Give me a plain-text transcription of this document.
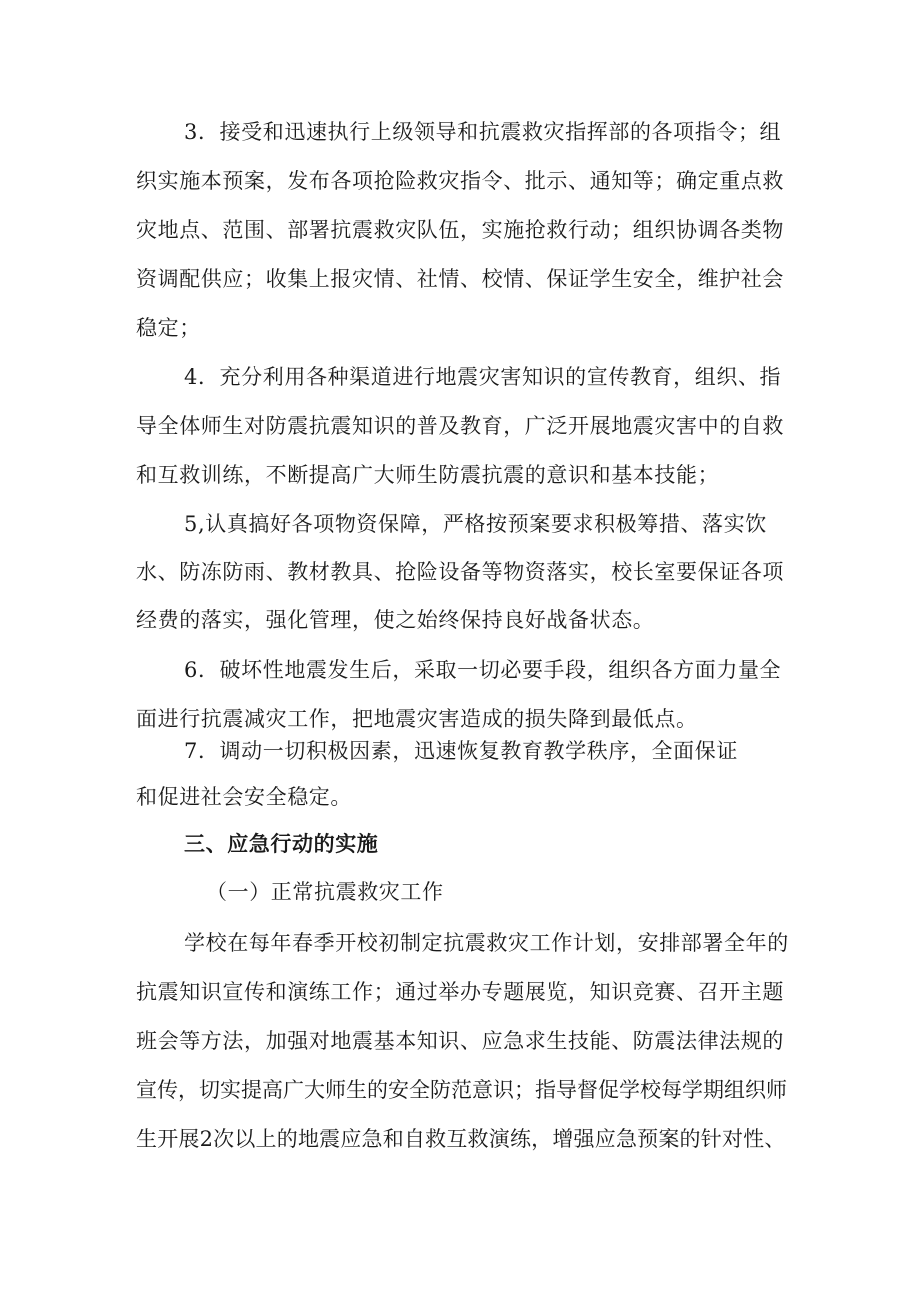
3．接受和迅速执行上级领导和抗震救灾指挥部的各项指令；组
织实施本预案，发布各项抢险救灾指令、批示、通知等；确定重点救
灾地点、范围、部署抗震救灾队伍，实施抢救行动；组织协调各类物
资调配供应；收集上报灾情、社情、校情、保证学生安全，维护社会
稳定；
4．充分利用各种渠道进行地震灾害知识的宣传教育，组织、指
导全体师生对防震抗震知识的普及教育，广泛开展地震灾害中的自救
和互救训练，不断提高广大师生防震抗震的意识和基本技能；
5,认真搞好各项物资保障，严格按预案要求积极筹措、落实饮
水、防冻防雨、教材教具、抢险设备等物资落实，校长室要保证各项
经费的落实，强化管理，使之始终保持良好战备状态。
6．破坏性地震发生后，采取一切必要手段，组织各方面力量全
面进行抗震减灾工作，把地震灾害造成的损失降到最低点。
7．调动一切积极因素，迅速恢复教育教学秩序，全面保证
和促进社会安全稳定。
三、应急行动的实施
（一）正常抗震救灾工作
学校在每年春季开校初制定抗震救灾工作计划，安排部署全年的
抗震知识宣传和演练工作；通过举办专题展览，知识竞赛、召开主题
班会等方法，加强对地震基本知识、应急求生技能、防震法律法规的
宣传，切实提高广大师生的安全防范意识；指导督促学校每学期组织师
生开展2次以上的地震应急和自救互救演练，增强应急预案的针对性、
